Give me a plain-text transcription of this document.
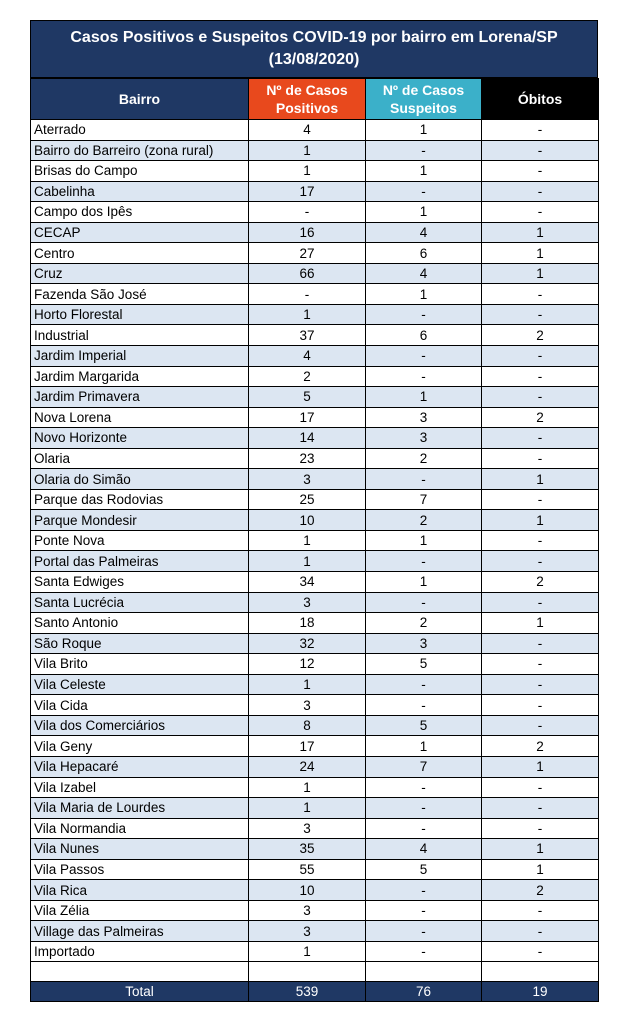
Casos Positivos e Suspeitos COVID-19 por bairro em Lorena/SP (13/08/2020)
Bairro	Nº de Casos Positivos	Nº de Casos Suspeitos	Óbitos
Aterrado	4	1	-
Bairro do Barreiro (zona rural)	1	-	-
Brisas do Campo	1	1	-
Cabelinha	17	-	-
Campo dos Ipês	-	1	-
CECAP	16	4	1
Centro	27	6	1
Cruz	66	4	1
Fazenda São José	-	1	-
Horto Florestal	1	-	-
Industrial	37	6	2
Jardim Imperial	4	-	-
Jardim Margarida	2	-	-
Jardim Primavera	5	1	-
Nova Lorena	17	3	2
Novo Horizonte	14	3	-
Olaria	23	2	-
Olaria do Simão	3	-	1
Parque das Rodovias	25	7	-
Parque Mondesir	10	2	1
Ponte Nova	1	1	-
Portal das Palmeiras	1	-	-
Santa Edwiges	34	1	2
Santa Lucrécia	3	-	-
Santo Antonio	18	2	1
São Roque	32	3	-
Vila Brito	12	5	-
Vila Celeste	1	-	-
Vila Cida	3	-	-
Vila dos Comerciários	8	5	-
Vila Geny	17	1	2
Vila Hepacaré	24	7	1
Vila Izabel	1	-	-
Vila Maria de Lourdes	1	-	-
Vila Normandia	3	-	-
Vila Nunes	35	4	1
Vila Passos	55	5	1
Vila Rica	10	-	2
Vila Zélia	3	-	-
Village das Palmeiras	3	-	-
Importado	1	-	-

Total	539	76	19
